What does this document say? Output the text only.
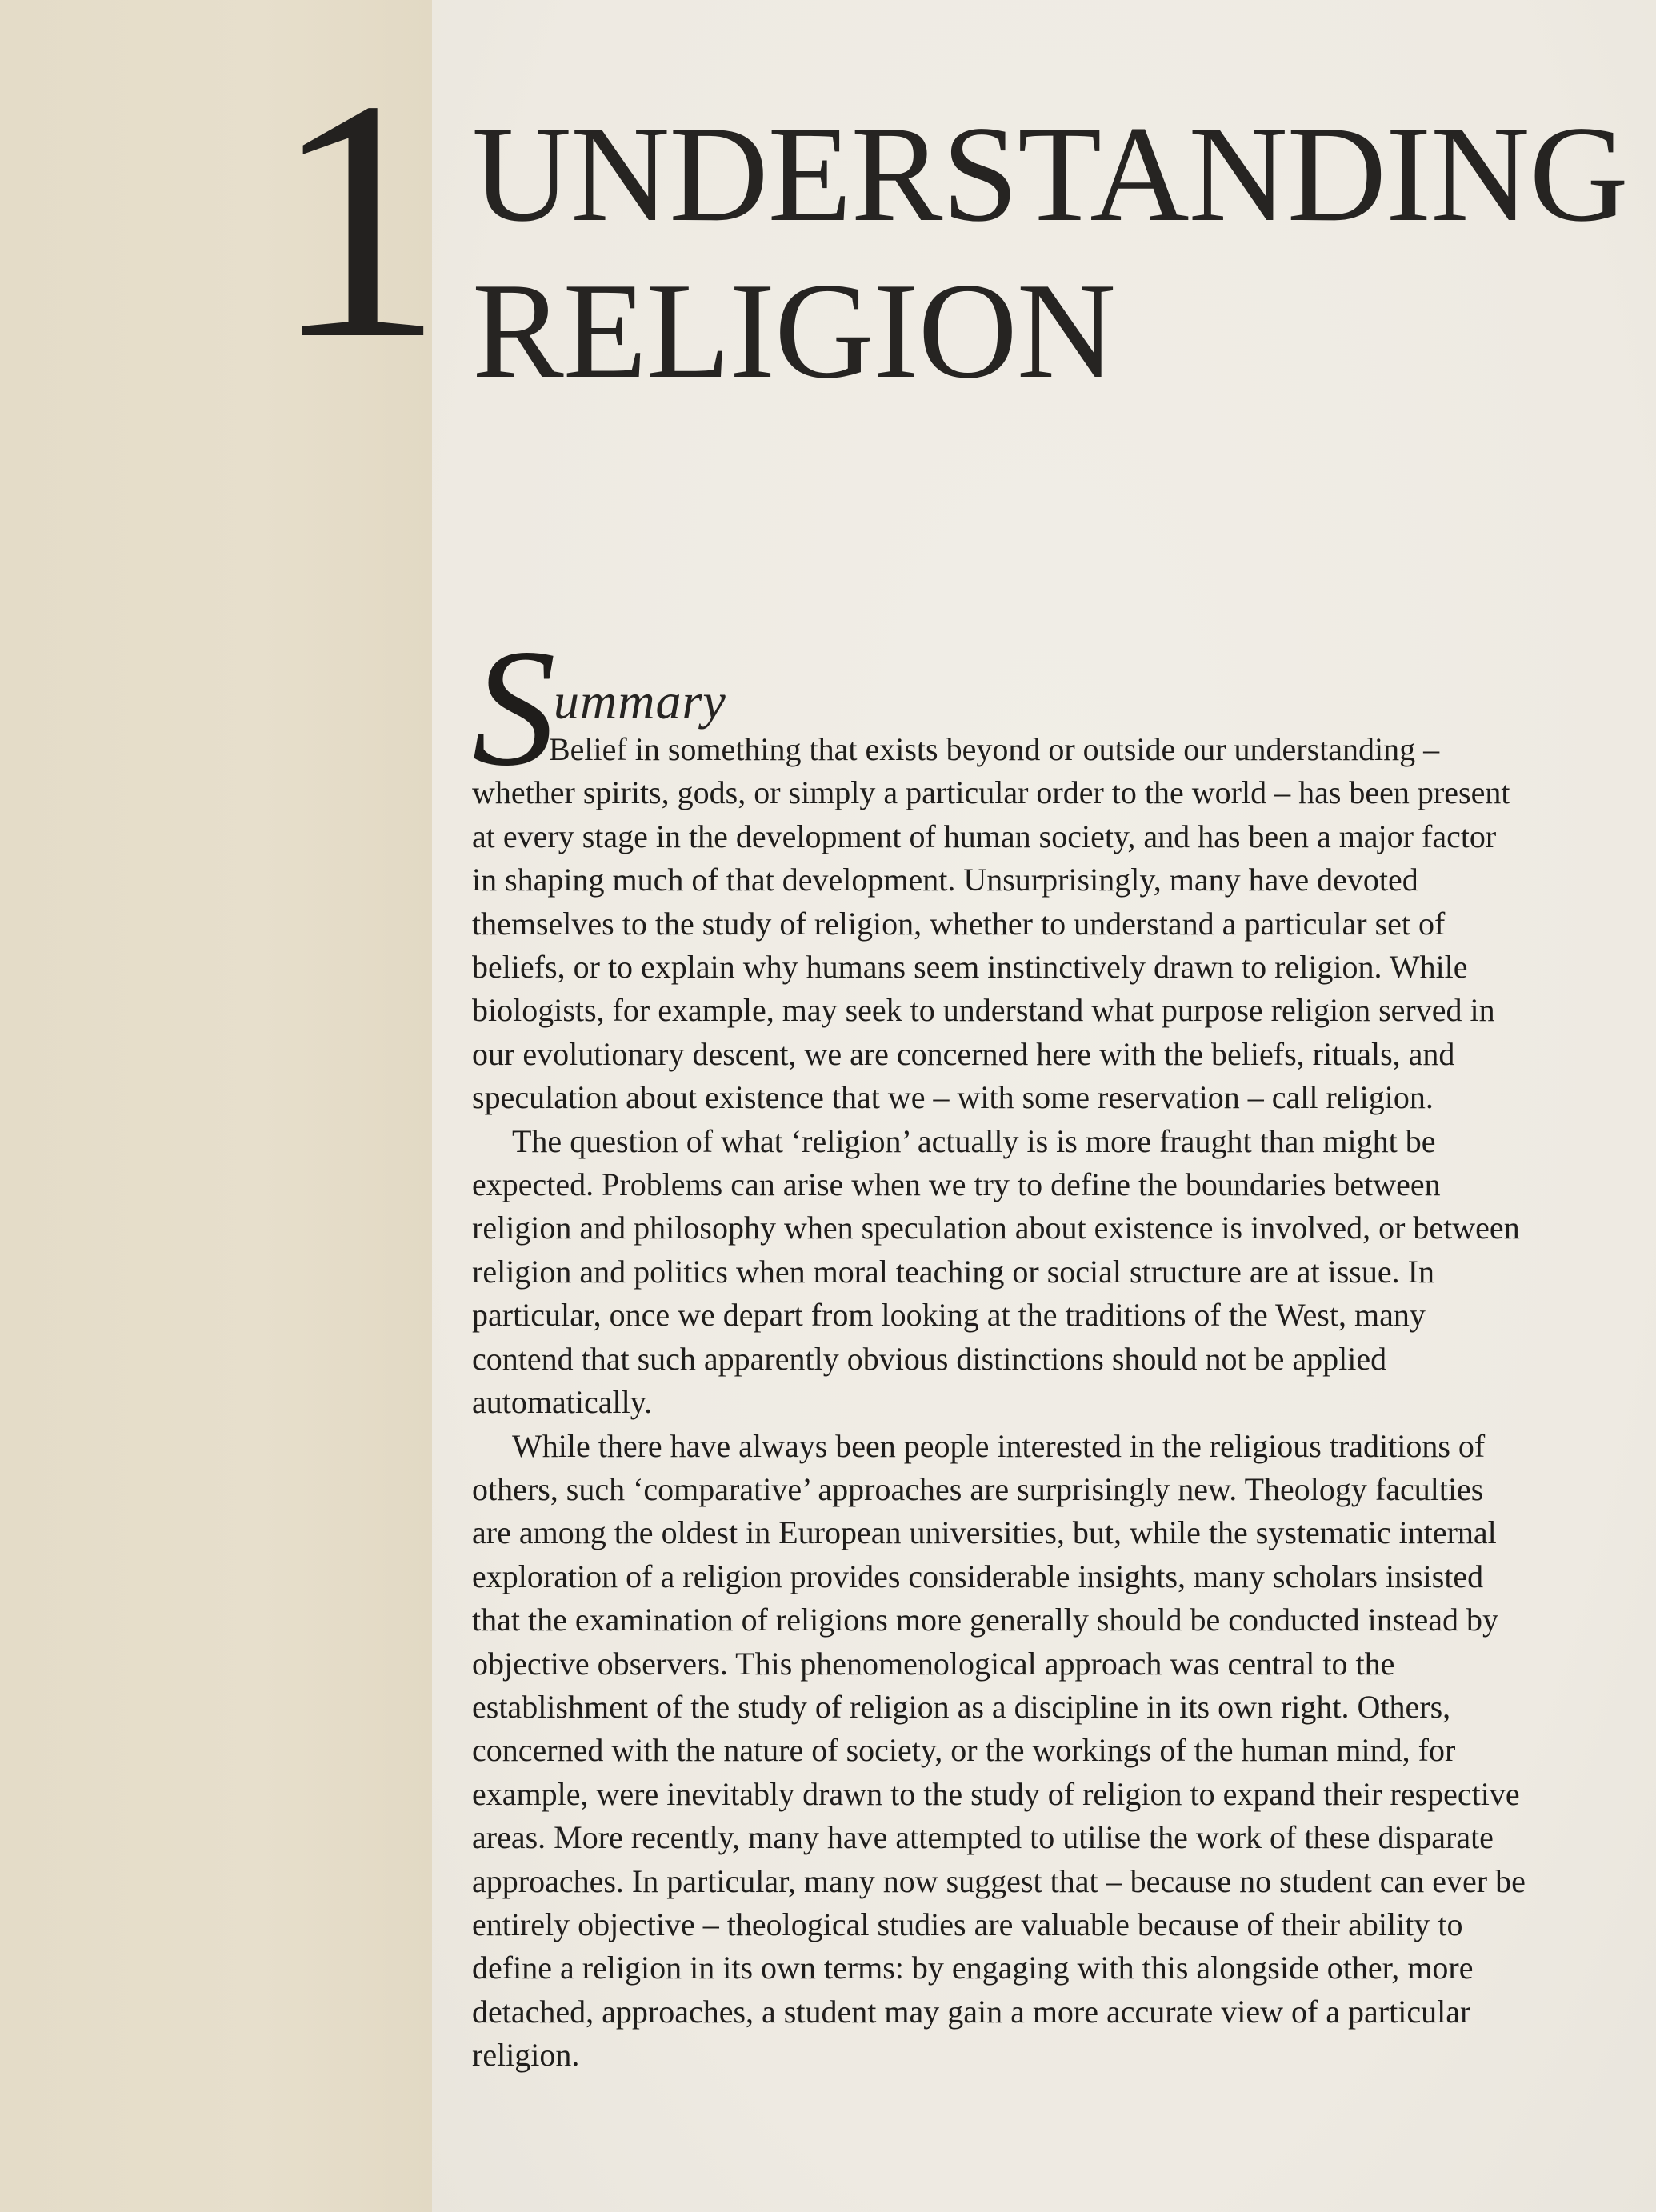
1 UNDERSTANDING
RELIGION
S
ummary

Belief in something that exists beyond or outside our understanding – whether spirits, gods, or simply a particular order to the world – has been present at every stage in the development of human society, and has been a major factor in shaping much of that development. Unsurprisingly, many have devoted themselves to the study of religion, whether to understand a particular set of beliefs, or to explain why humans seem instinctively drawn to religion. While biologists, for example, may seek to understand what purpose religion served in our evolutionary descent, we are concerned here with the beliefs, rituals, and speculation about existence that we – with some reservation – call religion.

The question of what ‘religion’ actually is is more fraught than might be expected. Problems can arise when we try to define the boundaries between religion and philosophy when speculation about existence is involved, or between religion and politics when moral teaching or social structure are at issue. In particular, once we depart from looking at the traditions of the West, many contend that such apparently obvious distinctions should not be applied automatically.

While there have always been people interested in the religious traditions of others, such ‘comparative’ approaches are surprisingly new. Theology faculties are among the oldest in European universities, but, while the systematic internal exploration of a religion provides considerable insights, many scholars insisted that the examination of religions more generally should be conducted instead by objective observers. This phenomenological approach was central to the establishment of the study of religion as a discipline in its own right. Others, concerned with the nature of society, or the workings of the human mind, for example, were inevitably drawn to the study of religion to expand their respective areas. More recently, many have attempted to utilise the work of these disparate approaches. In particular, many now suggest that – because no student can ever be entirely objective – theological studies are valuable because of their ability to define a religion in its own terms: by engaging with this alongside other, more detached, approaches, a student may gain a more accurate view of a particular religion.
